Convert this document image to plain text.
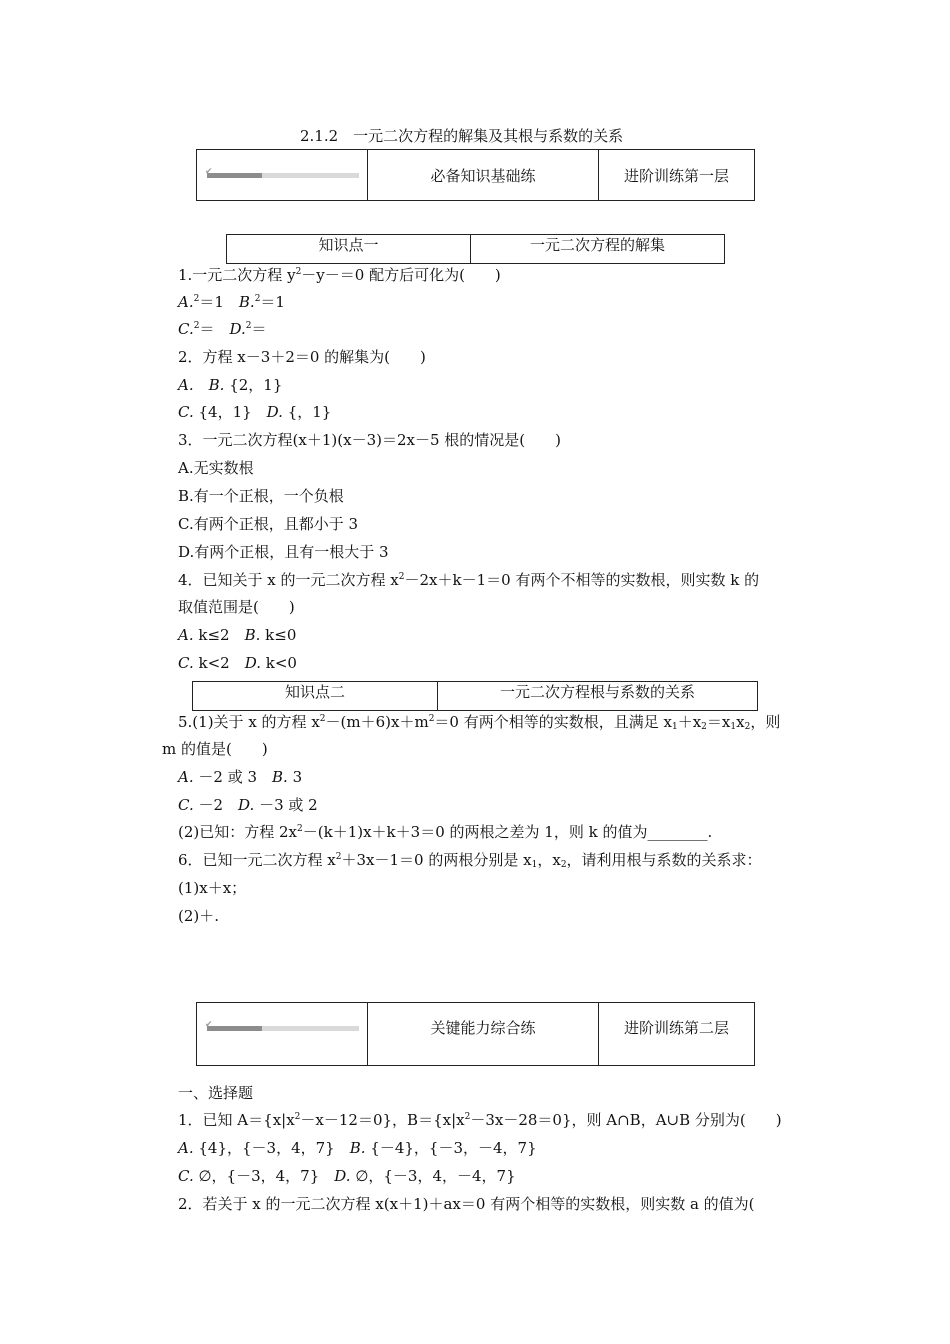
2.1.2　一元二次方程的解集及其根与系数的关系
✔	必备知识基础练	进阶训练第一层
知识点一	一元二次方程的解集
1.一元二次方程 $y^2-y-=0$ 配方后可化为(　　)
A.$^2$＝1　B.$^2$＝1
C.$^2$＝　D.$^2$＝
2．方程 x－3＋2＝0 的解集为(　　)
A.　 B. {2，1}
C. {4，1}　D. {，1}
3．一元二次方程(x＋1)(x－3)＝2x－5 根的情况是(　　)
A.无实数根
B.有一个正根，一个负根
C.有两个正根，且都小于 3
D.有两个正根，且有一根大于 3
4．已知关于 x 的一元二次方程 $x^2-2x+k-1=0$ 有两个不相等的实数根，则实数 k 的
取值范围是(　　)
A. k≤2　B. k≤0
C. k<2　D. k<0
知识点二	一元二次方程根与系数的关系
5.(1)关于 x 的方程 $x^2-(m+6)x+m^2=0$ 有两个相等的实数根，且满足 $x_1+x_2=x_1x_2$，则
m 的值是(　　)
A. －2 或 3　B. 3
C. －2　D. －3 或 2
(2)已知：方程 $2x^2-(k+1)x+k+3=0$ 的两根之差为 1，则 k 的值为________.
6．已知一元二次方程 $x^2+3x-1=0$ 的两根分别是 $x_1$，$x_2$，请利用根与系数的关系求：
(1)x＋x；
(2)＋.
✔	关键能力综合练	进阶训练第二层
一、选择题
1．已知 $A=\{x|x^2-x-12=0\}$，$B=\{x|x^2-3x-28=0\}$，则 A∩B，A∪B 分别为(　　)
A. {4}，{－3，4，7}　B. {－4}，{－3，－4，7}
C. ∅，{－3，4，7}　D. ∅，{－3，4，－4，7}
2．若关于 x 的一元二次方程 x(x＋1)＋ax＝0 有两个相等的实数根，则实数 a 的值为(
